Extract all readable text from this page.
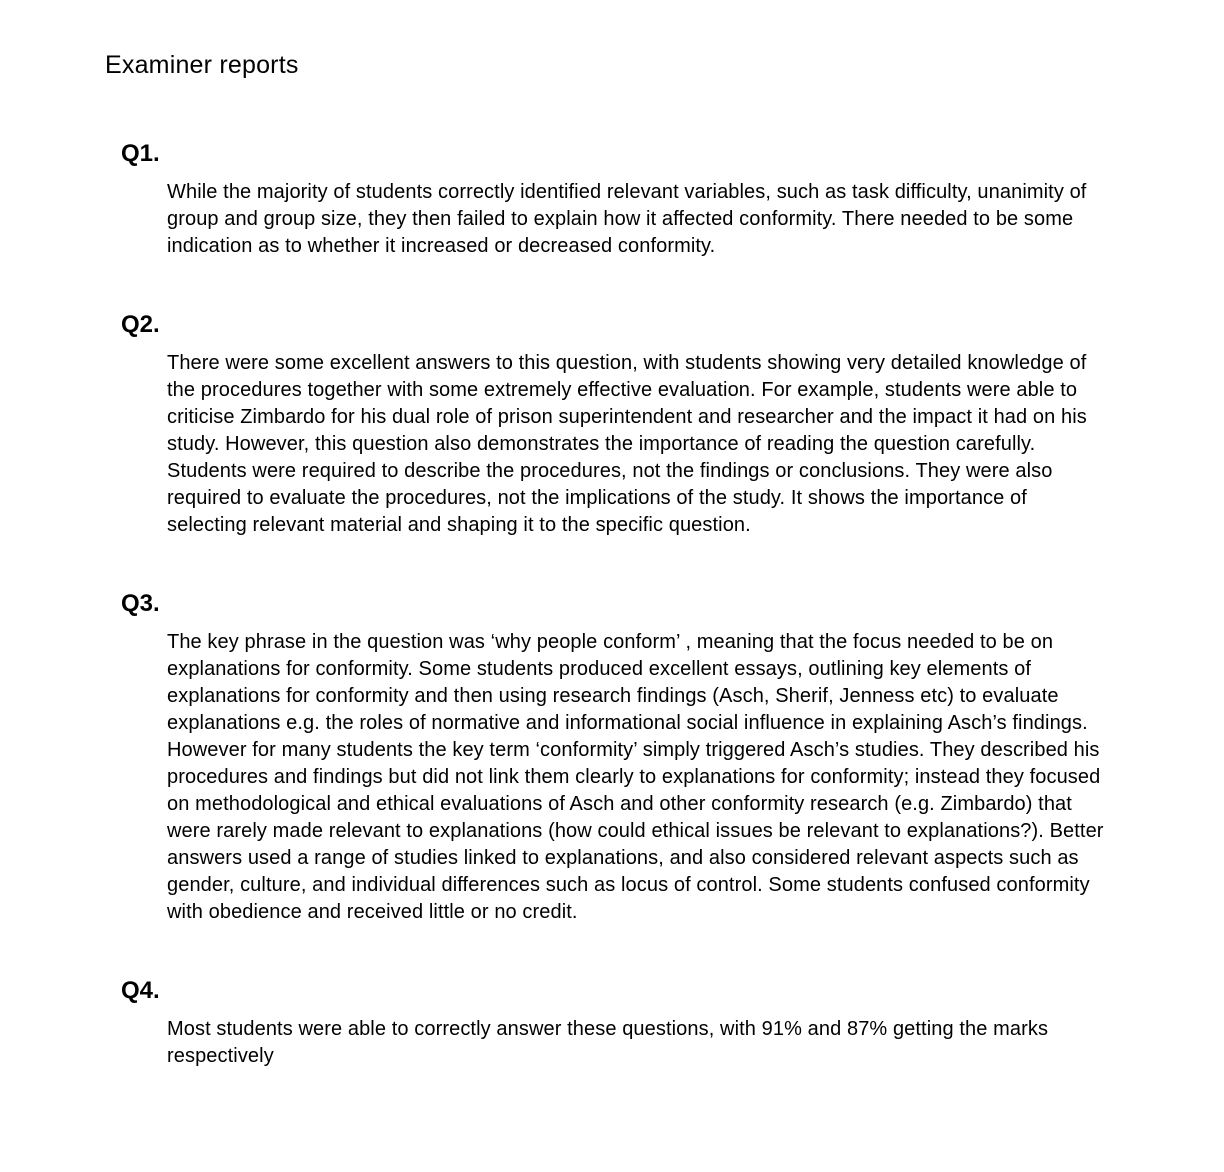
Examiner reports
Q1.

While the majority of students correctly identified relevant variables, such as task difficulty, unanimity of group and group size, they then failed to explain how it affected conformity. There needed to be some indication as to whether it increased or decreased conformity.

Q2.

There were some excellent answers to this question, with students showing very detailed knowledge of the procedures together with some extremely effective evaluation. For example, students were able to criticise Zimbardo for his dual role of prison superintendent and researcher and the impact it had on his study. However, this question also demonstrates the importance of reading the question carefully. Students were required to describe the procedures, not the findings or conclusions. They were also required to evaluate the procedures, not the implications of the study. It shows the importance of selecting relevant material and shaping it to the specific question.

Q3.

The key phrase in the question was ‘why people conform’ , meaning that the focus needed to be on explanations for conformity. Some students produced excellent essays, outlining key elements of explanations for conformity and then using research findings (Asch, Sherif, Jenness etc) to evaluate explanations e.g. the roles of normative and informational social influence in explaining Asch’s findings. However for many students the key term ‘conformity’ simply triggered Asch’s studies. They described his procedures and findings but did not link them clearly to explanations for conformity; instead they focused on methodological and ethical evaluations of Asch and other conformity research (e.g. Zimbardo) that were rarely made relevant to explanations (how could ethical issues be relevant to explanations?). Better answers used a range of studies linked to explanations, and also considered relevant aspects such as gender, culture, and individual differences such as locus of control. Some students confused conformity with obedience and received little or no credit.

Q4.

Most students were able to correctly answer these questions, with 91% and 87% getting the marks respectively
